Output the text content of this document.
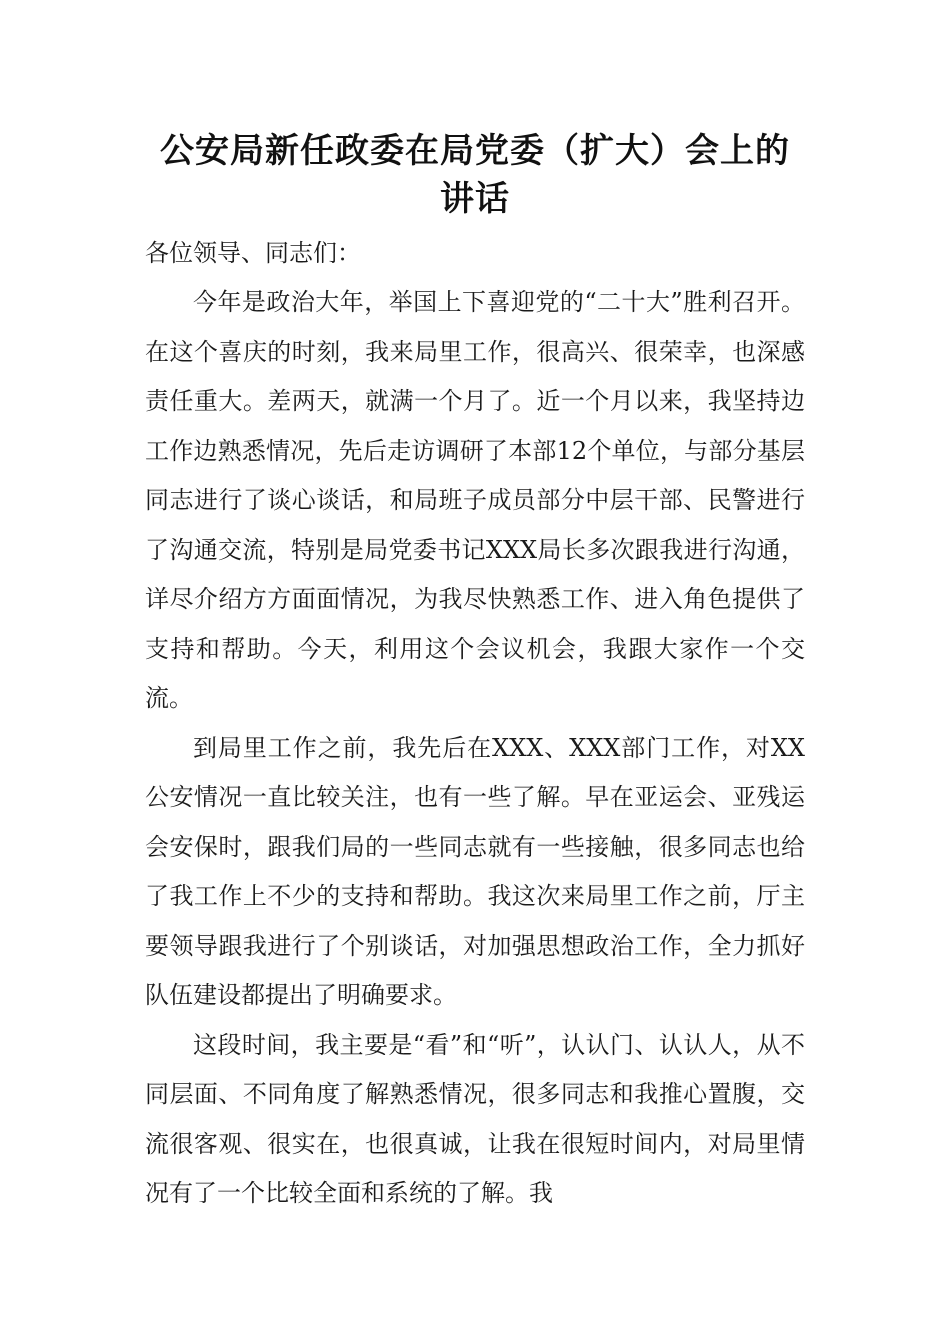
公安局新任政委在局党委（扩大）会上的讲话

各位领导、同志们：

今年是政治大年，举国上下喜迎党的“二十大”胜利召开。在这个喜庆的时刻，我来局里工作，很高兴、很荣幸，也深感责任重大。差两天，就满一个月了。近一个月以来，我坚持边工作边熟悉情况，先后走访调研了本部12个单位，与部分基层同志进行了谈心谈话，和局班子成员部分中层干部、民警进行了沟通交流，特别是局党委书记XXX局长多次跟我进行沟通，详尽介绍方方面面情况，为我尽快熟悉工作、进入角色提供了支持和帮助。今天，利用这个会议机会，我跟大家作一个交流。

到局里工作之前，我先后在XXX、XXX部门工作，对XX公安情况一直比较关注，也有一些了解。早在亚运会、亚残运会安保时，跟我们局的一些同志就有一些接触，很多同志也给了我工作上不少的支持和帮助。我这次来局里工作之前，厅主要领导跟我进行了个别谈话，对加强思想政治工作，全力抓好队伍建设都提出了明确要求。

这段时间，我主要是“看”和“听”，认认门、认认人，从不同层面、不同角度了解熟悉情况，很多同志和我推心置腹，交流很客观、很实在，也很真诚，让我在很短时间内，对局里情况有了一个比较全面和系统的了解。我
